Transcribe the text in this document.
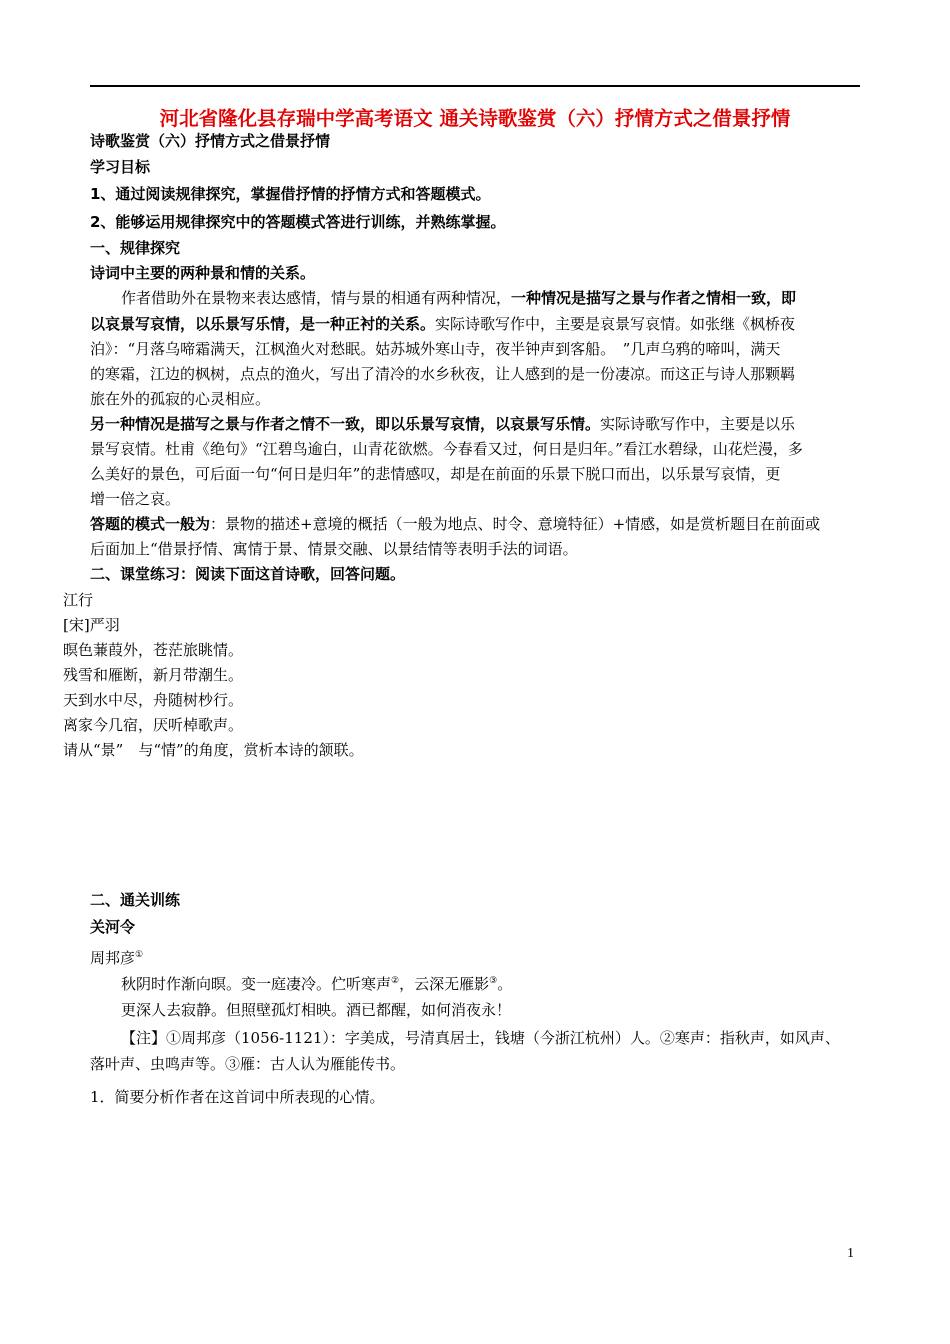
河北省隆化县存瑞中学高考语文 通关诗歌鉴赏（六）抒情方式之借景抒情
诗歌鉴赏（六）抒情方式之借景抒情
学习目标
1、通过阅读规律探究，掌握借抒情的抒情方式和答题模式。
2、能够运用规律探究中的答题模式答进行训练，并熟练掌握。
一、规律探究
诗词中主要的两种景和情的关系。
作者借助外在景物来表达感情，情与景的相通有两种情况，一种情况是描写之景与作者之情相一致，即
以哀景写哀情，以乐景写乐情，是一种正衬的关系。实际诗歌写作中，主要是哀景写哀情。如张继《枫桥夜
泊》：“月落乌啼霜满天，江枫渔火对愁眠。姑苏城外寒山寺，夜半钟声到客船。　”几声乌鸦的啼叫，满天
的寒霜，江边的枫树，点点的渔火，写出了清冷的水乡秋夜，让人感到的是一份凄凉。而这正与诗人那颗羁
旅在外的孤寂的心灵相应。
另一种情况是描写之景与作者之情不一致，即以乐景写哀情，以哀景写乐情。实际诗歌写作中，主要是以乐
景写哀情。杜甫《绝句》“江碧鸟逾白，山青花欲燃。今春看又过，何日是归年。”看江水碧绿，山花烂漫，多
么美好的景色，可后面一句“何日是归年”的悲情感叹，却是在前面的乐景下脱口而出，以乐景写哀情，更
增一倍之哀。
答题的模式一般为：景物的描述+意境的概括（一般为地点、时令、意境特征）+情感，如是赏析题目在前面或
后面加上“借景抒情、寓情于景、情景交融、以景结情等表明手法的词语。
二、课堂练习：阅读下面这首诗歌，回答问题。
江行
[宋]严羽
暝色蒹葭外，苍茫旅眺情。
残雪和雁断，新月带潮生。
天到水中尽，舟随树杪行。
离家今几宿，厌听棹歌声。
请从“景”　与“情”的角度，赏析本诗的颔联。
二、通关训练
关河令
周邦彦①
秋阴时作渐向暝。变一庭凄冷。伫听寒声②，云深无雁影③。
更深人去寂静。但照壁孤灯相映。酒已都醒，如何消夜永！
【注】①周邦彦（1056-1121）：字美成，号清真居士，钱塘（今浙江杭州）人。②寒声：指秋声，如风声、
落叶声、虫鸣声等。③雁：古人认为雁能传书。
1．简要分析作者在这首词中所表现的心情。
1
